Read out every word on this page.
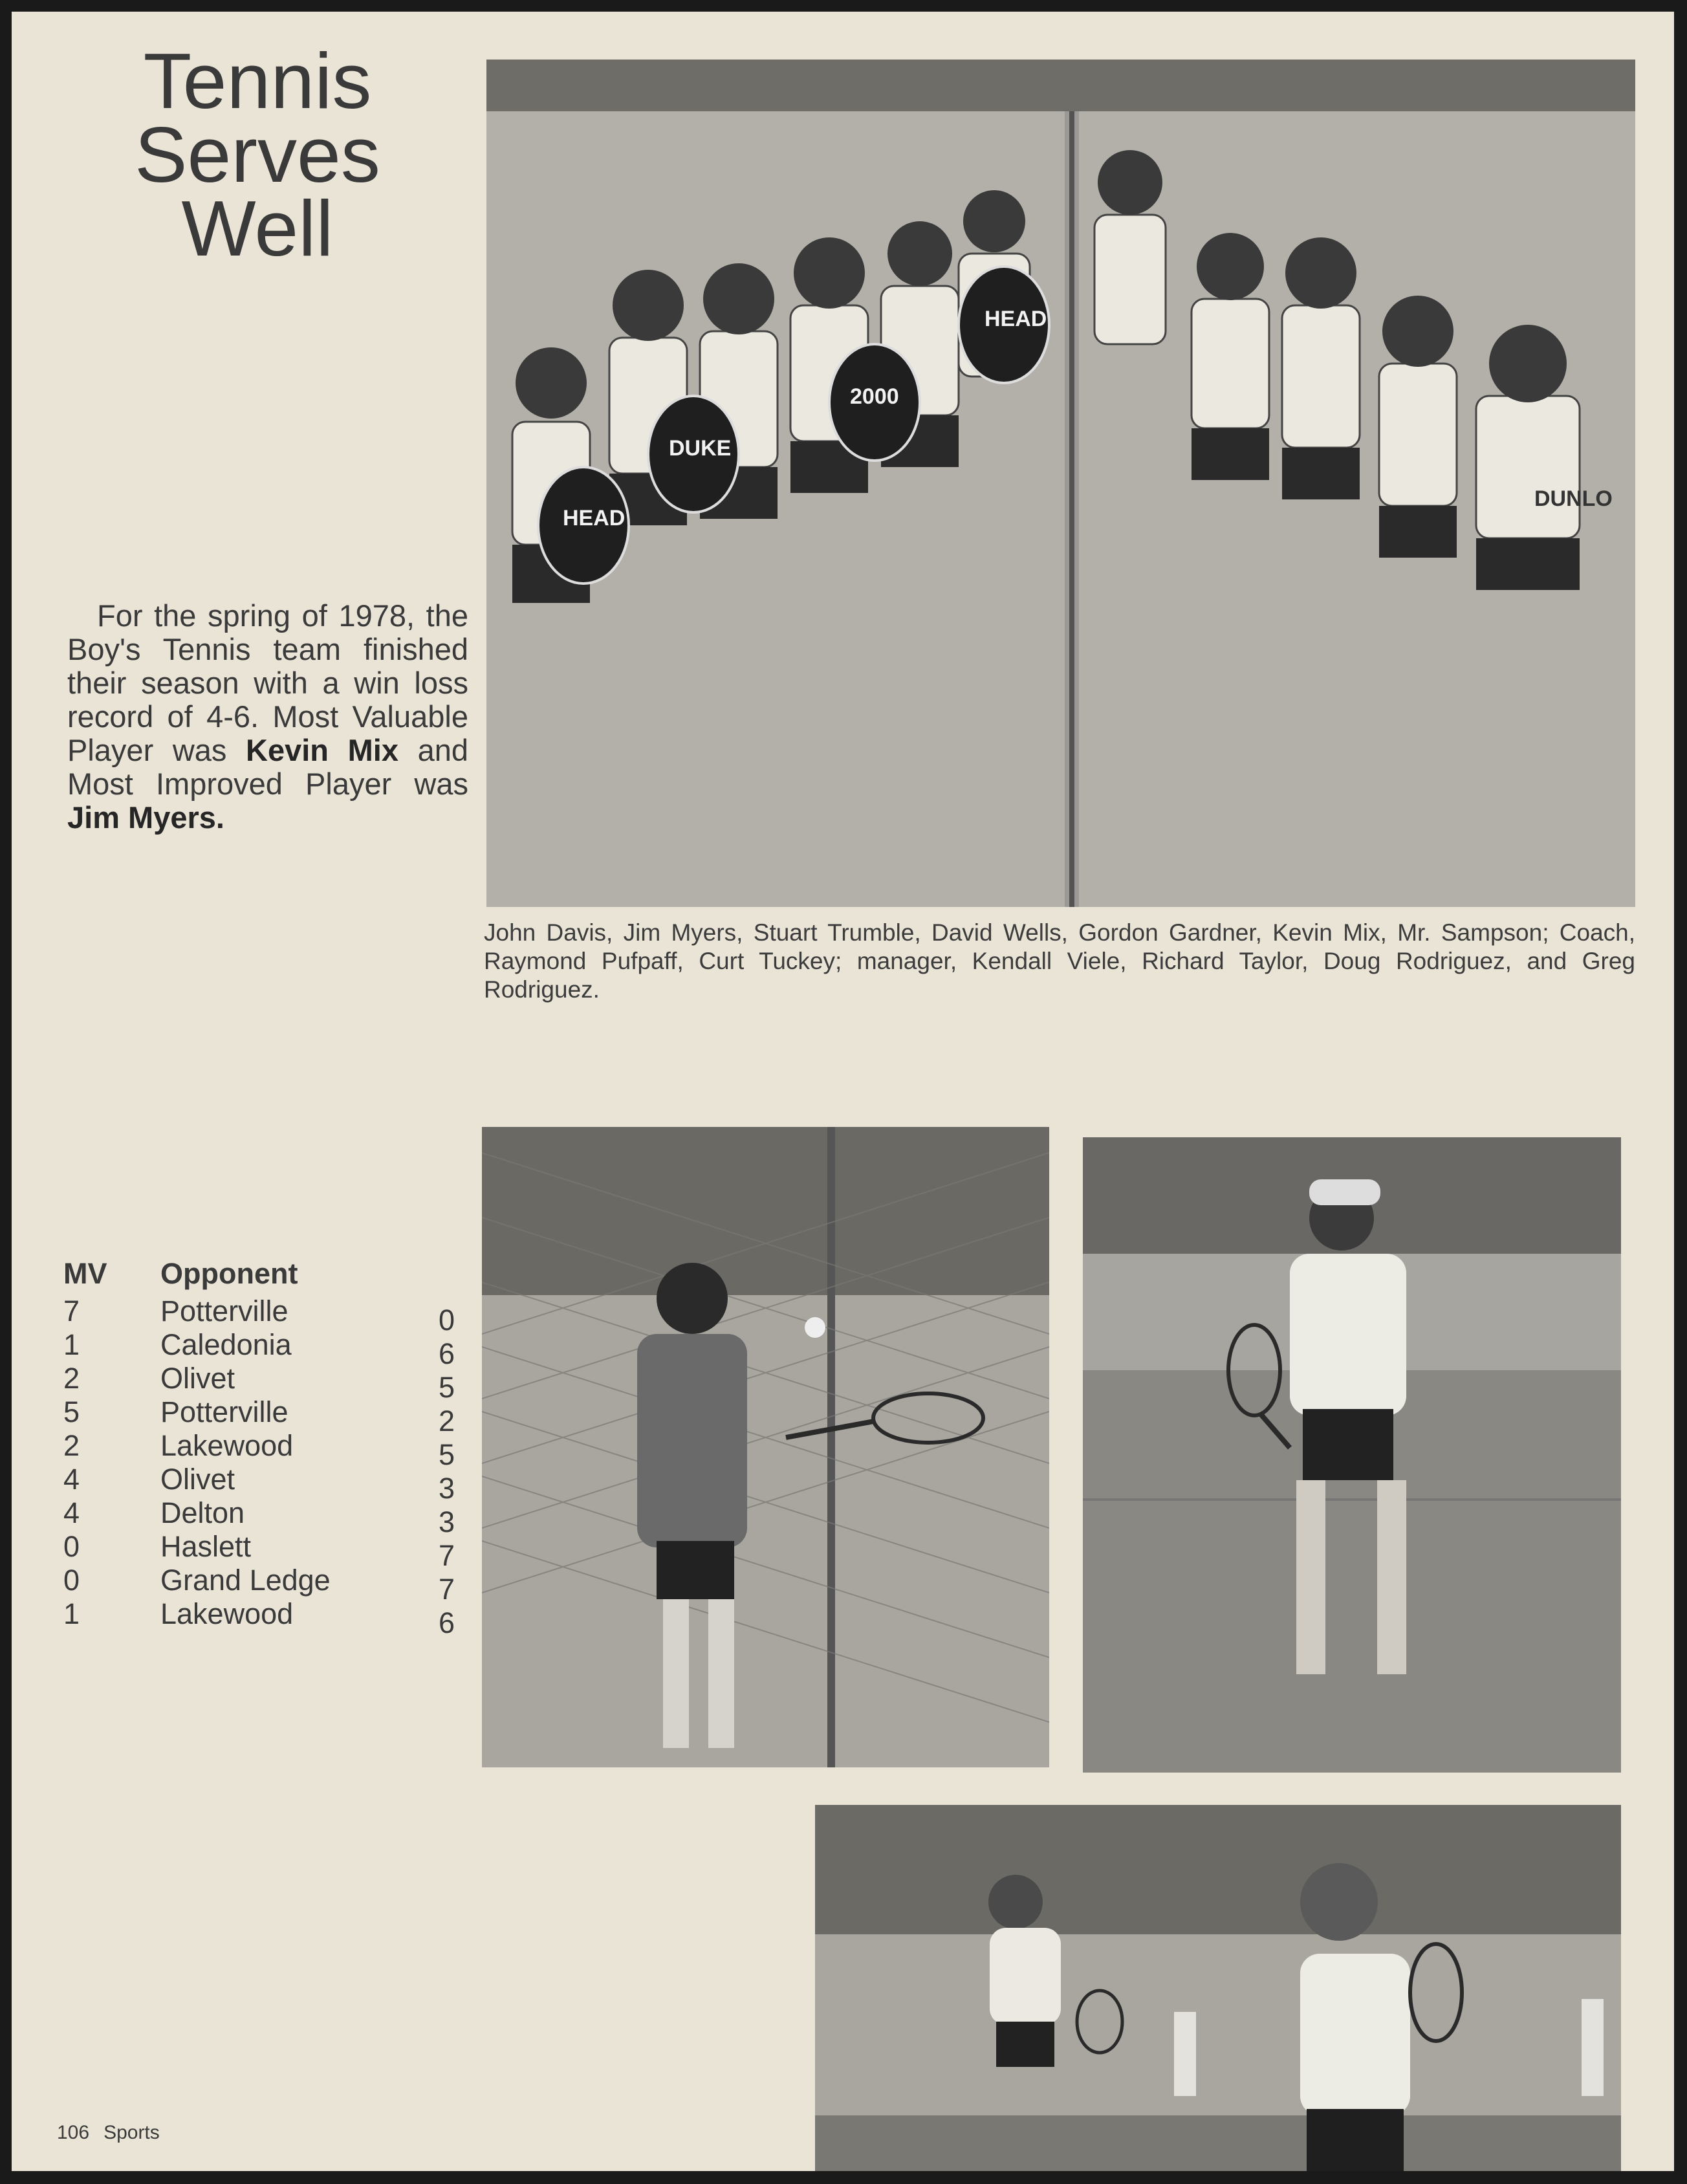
Tennis
Serves
Well
HEAD
DUKE
2000
HEAD
DUNLO
For the spring of 1978, the Boy's Tennis team finished their season with a win loss record of 4-6. Most Valuable Player was Kevin Mix and Most Improved Player was Jim Myers.
John Davis, Jim Myers, Stuart Trumble, David Wells, Gordon Gardner, Kevin Mix, Mr. Sampson; Coach, Raymond Pufpaff, Curt Tuckey; manager, Kendall Viele, Richard Taylor, Doug Rodriguez, and Greg Rodriguez.
MV Opponent
7	Potterville	0
1	Caledonia	6
2	Olivet	5
5	Potterville	2
2	Lakewood	5
4	Olivet	3
4	Delton	3
0	Haslett	7
0	Grand Ledge	7
1	Lakewood	6
106 Sports
